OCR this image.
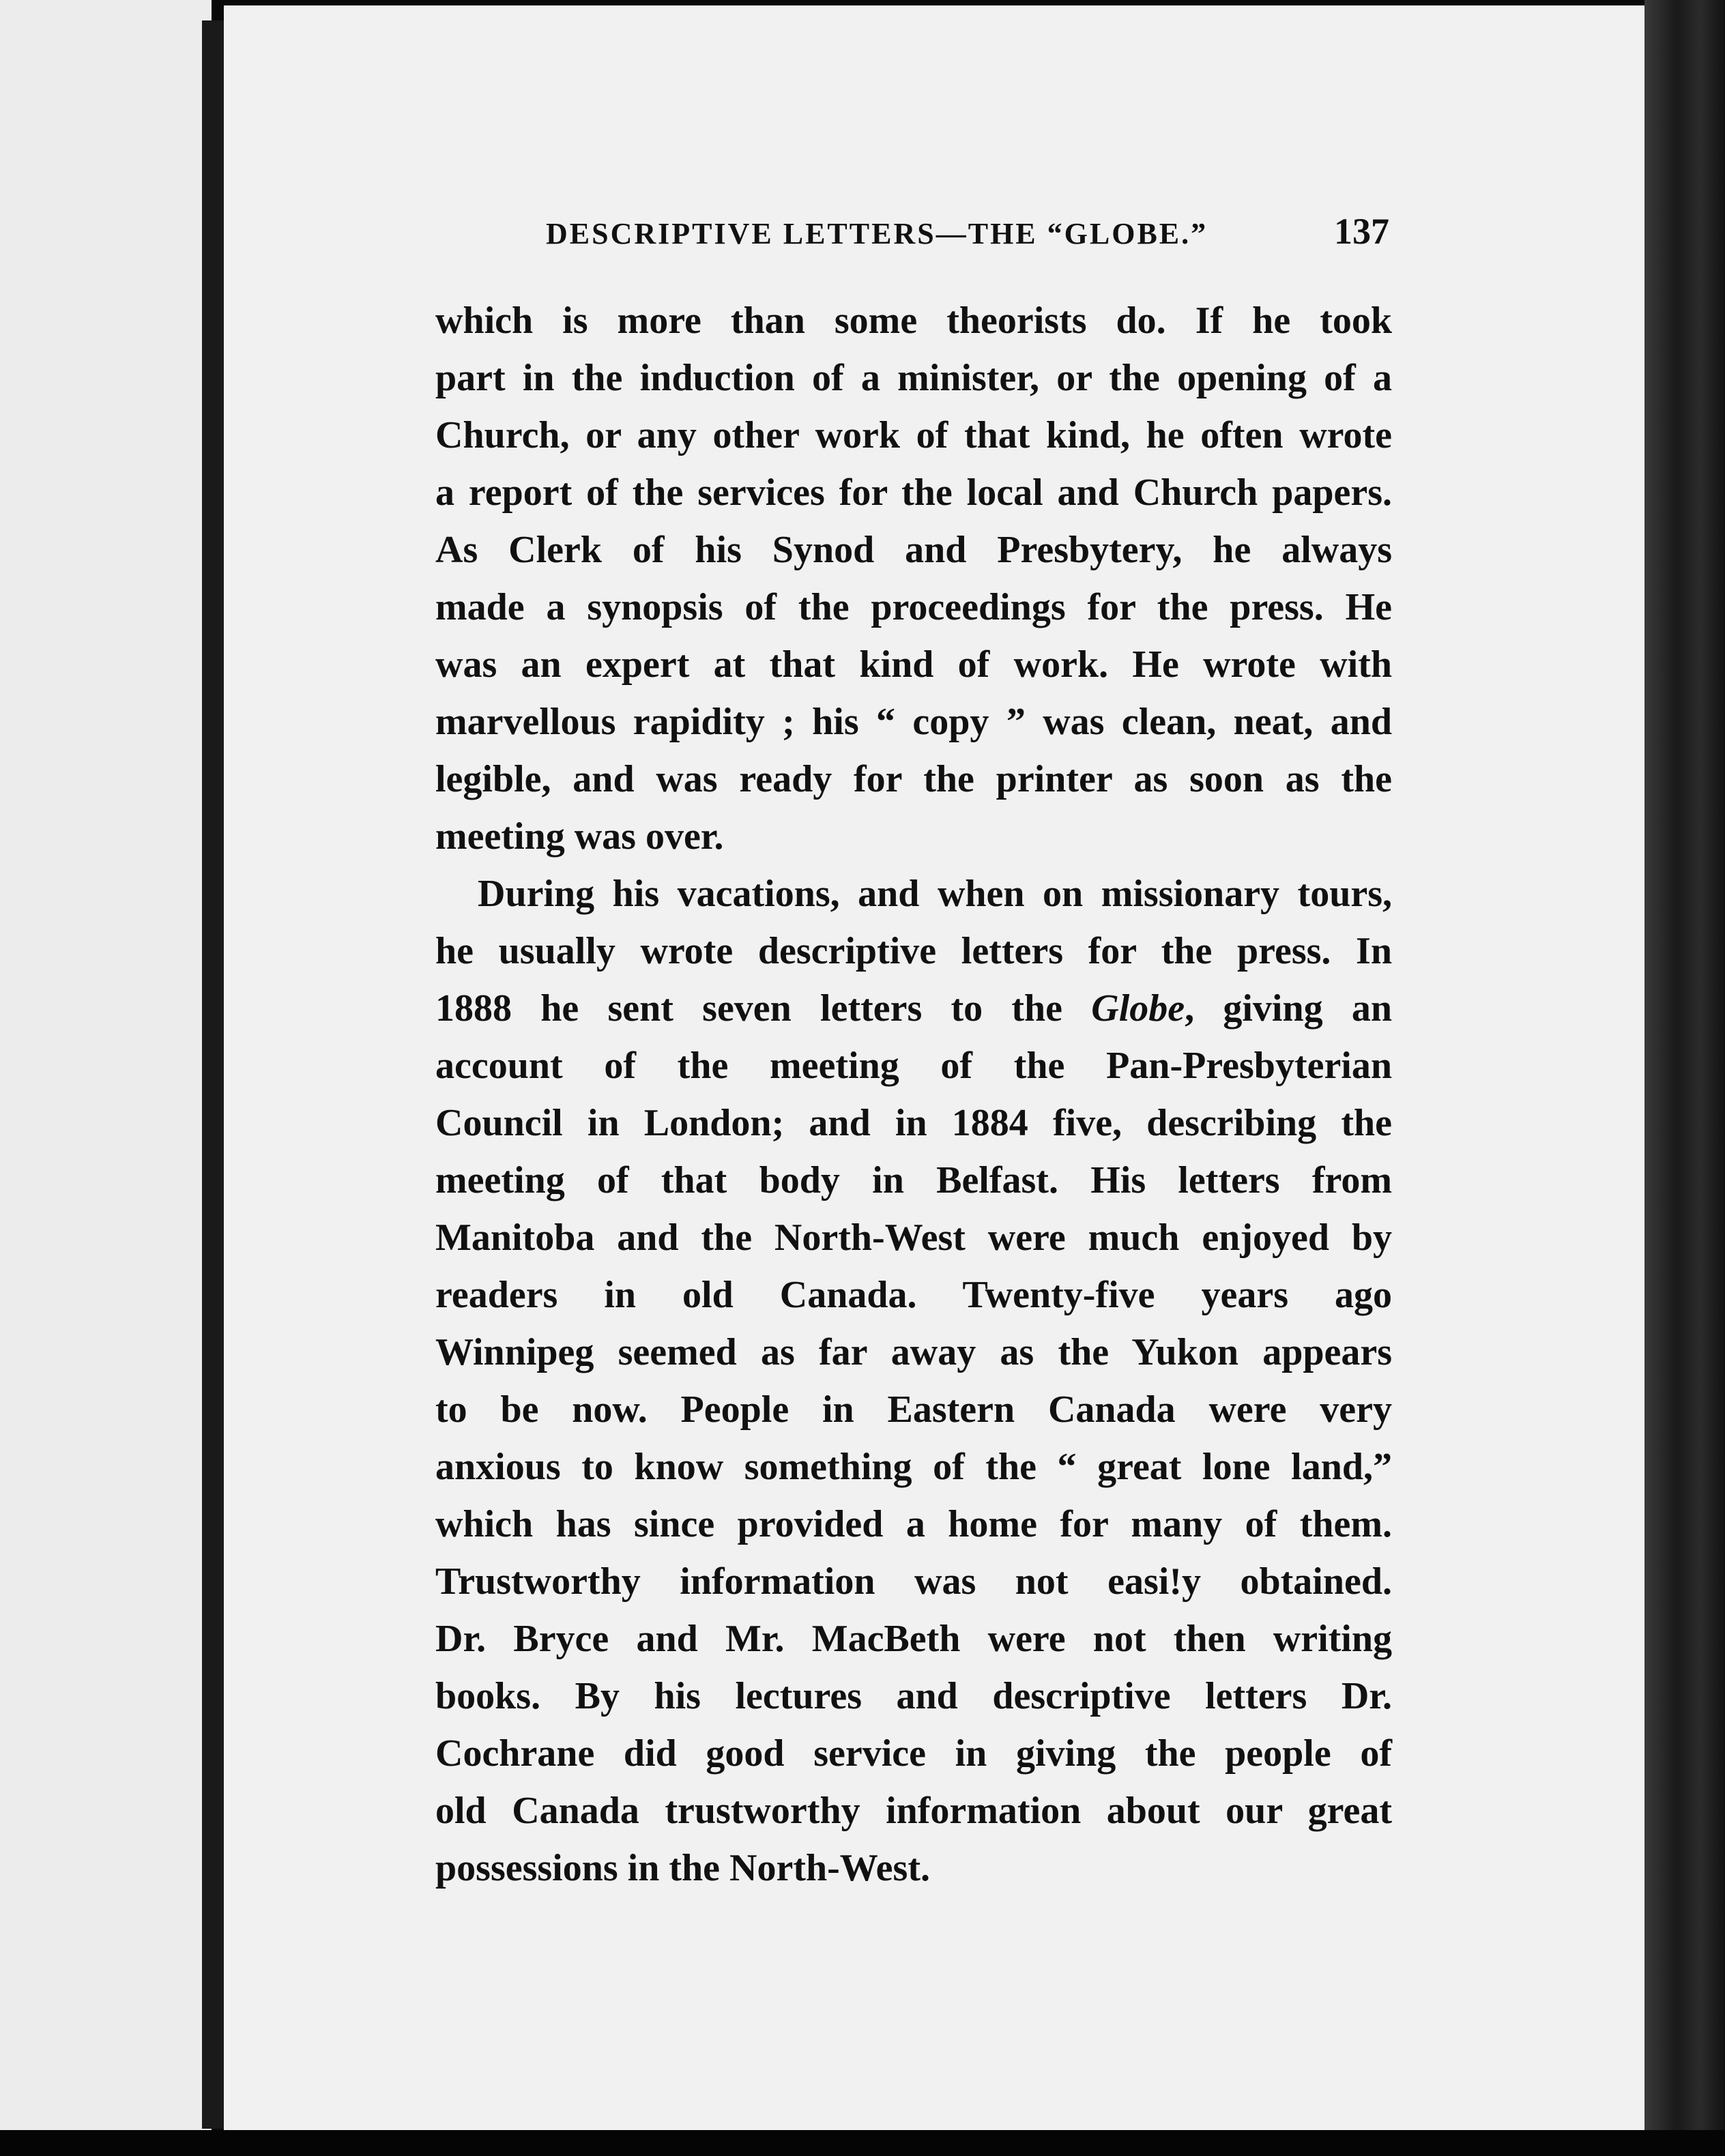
DESCRIPTIVE LETTERS—THE “GLOBE.”	137
which is more than some theorists do. If he took
part in the induction of a minister, or the opening of a
Church, or any other work of that kind, he often wrote
a report of the services for the local and Church papers.
As Clerk of his Synod and Presbytery, he always
made a synopsis of the proceedings for the press. He
was an expert at that kind of work. He wrote with
marvellous rapidity ; his “ copy ” was clean, neat, and
legible, and was ready for the printer as soon as the
meeting was over.
During his vacations, and when on missionary tours,
he usually wrote descriptive letters for the press. In
1888 he sent seven letters to the Globe, giving an
account of the meeting of the Pan-Presbyterian
Council in London; and in 1884 five, describing the
meeting of that body in Belfast. His letters from
Manitoba and the North-West were much enjoyed by
readers in old Canada. Twenty-five years ago
Winnipeg seemed as far away as the Yukon appears
to be now. People in Eastern Canada were very
anxious to know something of the “ great lone land,”
which has since provided a home for many of them.
Trustworthy information was not easi!y obtained.
Dr. Bryce and Mr. MacBeth were not then writing
books. By his lectures and descriptive letters Dr.
Cochrane did good service in giving the people of
old Canada trustworthy information about our great
possessions in the North-West.
